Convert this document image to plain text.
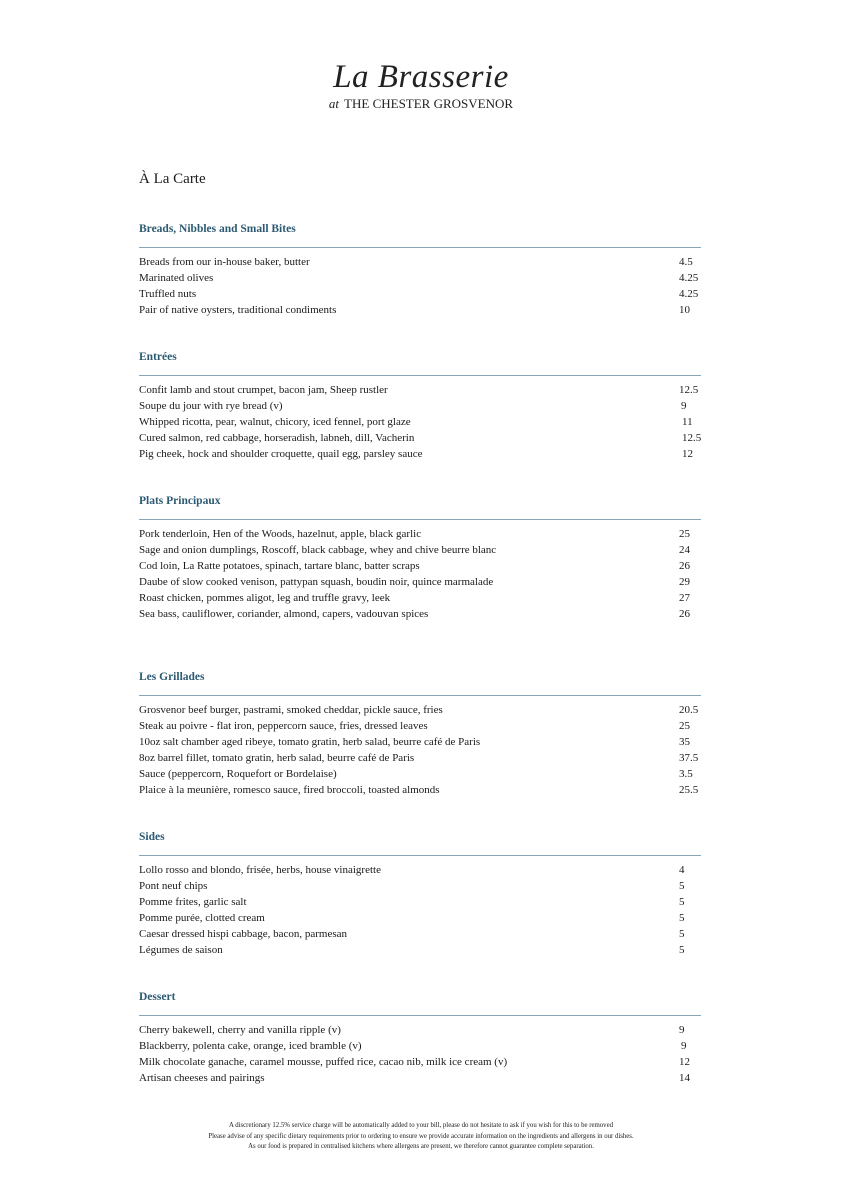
La Brasserie
at THE CHESTER GROSVENOR
À La Carte
Breads, Nibbles and Small Bites
Breads from our in-house baker, butter	4.5
Marinated olives	4.25
Truffled nuts	4.25
Pair of native oysters, traditional condiments	10
Entrées
Confit lamb and stout crumpet, bacon jam, Sheep rustler	12.5
Soupe du jour with rye bread (v)	9
Whipped ricotta, pear, walnut, chicory, iced fennel, port glaze	11
Cured salmon, red cabbage, horseradish, labneh, dill, Vacherin	12.5
Pig cheek, hock and shoulder croquette, quail egg, parsley sauce	12
Plats Principaux
Pork tenderloin, Hen of the Woods, hazelnut, apple, black garlic	25
Sage and onion dumplings, Roscoff, black cabbage, whey and chive beurre blanc	24
Cod loin, La Ratte potatoes, spinach, tartare blanc, batter scraps	26
Daube of slow cooked venison, pattypan squash, boudin noir, quince marmalade	29
Roast chicken, pommes aligot, leg and truffle gravy, leek	27
Sea bass, cauliflower, coriander, almond, capers, vadouvan spices	26
Les Grillades
Grosvenor beef burger, pastrami, smoked cheddar, pickle sauce, fries	20.5
Steak au poivre - flat iron, peppercorn sauce, fries, dressed leaves	25
10oz salt chamber aged ribeye, tomato gratin, herb salad, beurre café de Paris	35
8oz barrel fillet, tomato gratin, herb salad, beurre café de Paris	37.5
Sauce (peppercorn, Roquefort or Bordelaise)	3.5
Plaice à la meunière, romesco sauce, fired broccoli, toasted almonds	25.5
Sides
Lollo rosso and blondo, frisée, herbs, house vinaigrette	4
Pont neuf chips	5
Pomme frites, garlic salt	5
Pomme purée, clotted cream	5
Caesar dressed hispi cabbage, bacon, parmesan	5
Légumes de saison	5
Dessert
Cherry bakewell, cherry and vanilla ripple (v)	9
Blackberry, polenta cake, orange, iced bramble (v)	9
Milk chocolate ganache, caramel mousse, puffed rice, cacao nib, milk ice cream (v)	12
Artisan cheeses and pairings	14
A discretionary 12.5% service charge will be automatically added to your bill, please do not hesitate to ask if you wish for this to be removed
Please advise of any specific dietary requirements prior to ordering to ensure we provide accurate information on the ingredients and allergens in our dishes.
As our food is prepared in centralised kitchens where allergens are present, we therefore cannot guarantee complete separation.
